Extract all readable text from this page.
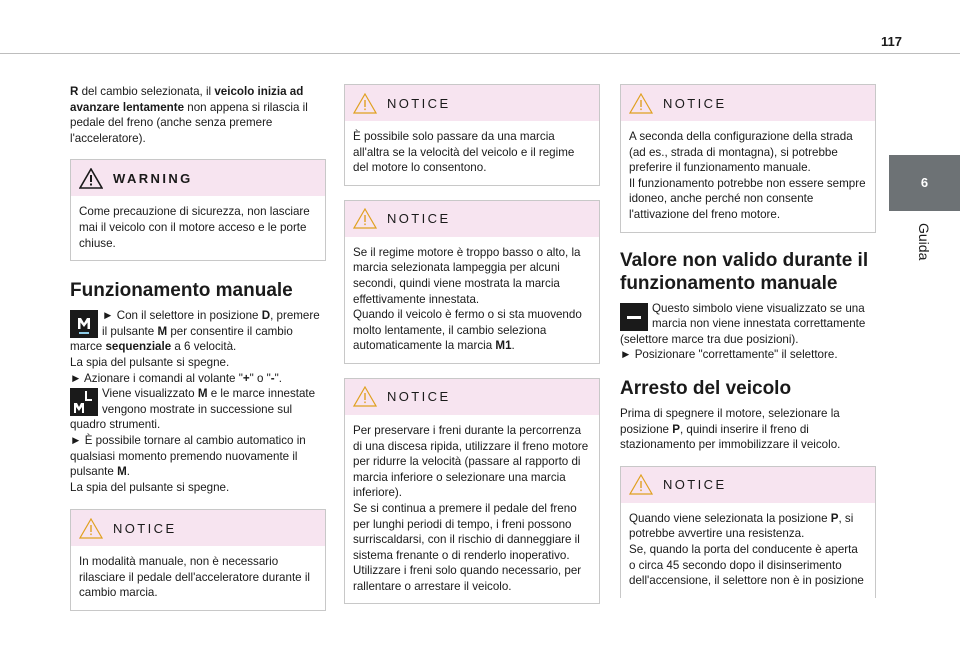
117
6
Guida

R del cambio selezionata, il veicolo inizia ad avanzare lentamente non appena si rilascia il pedale del freno (anche senza premere l'acceleratore).

WARNING

Come precauzione di sicurezza, non lasciare mai il veicolo con il motore acceso e le porte chiuse.

Funzionamento manuale

► Con il selettore in posizione D, premere il pulsante M per consentire il cambio marce sequenziale a 6 velocità.

La spia del pulsante si spegne.

► Azionare i comandi al volante "+" o "-".

Viene visualizzato M e le marce innestate vengono mostrate in successione sul quadro strumenti.

► È possibile tornare al cambio automatico in qualsiasi momento premendo nuovamente il pulsante M.

La spia del pulsante si spegne.

NOTICE

In modalità manuale, non è necessario rilasciare il pedale dell'acceleratore durante il cambio marcia.

NOTICE

È possibile solo passare da una marcia all'altra se la velocità del veicolo e il regime del motore lo consentono.

NOTICE

Se il regime motore è troppo basso o alto, la marcia selezionata lampeggia per alcuni secondi, quindi viene mostrata la marcia effettivamente innestata.

Quando il veicolo è fermo o si sta muovendo molto lentamente, il cambio seleziona automaticamente la marcia M1.

NOTICE

Per preservare i freni durante la percorrenza di una discesa ripida, utilizzare il freno motore per ridurre la velocità (passare al rapporto di marcia inferiore o selezionare una marcia inferiore).

Se si continua a premere il pedale del freno per lunghi periodi di tempo, i freni possono surriscaldarsi, con il rischio di danneggiare il sistema frenante o di renderlo inoperativo.

Utilizzare i freni solo quando necessario, per rallentare o arrestare il veicolo.

NOTICE

A seconda della configurazione della strada (ad es., strada di montagna), si potrebbe preferire il funzionamento manuale.

Il funzionamento potrebbe non essere sempre idoneo, anche perché non consente l'attivazione del freno motore.

Valore non valido durante il funzionamento manuale

Questo simbolo viene visualizzato se una marcia non viene innestata correttamente (selettore marce tra due posizioni).

► Posizionare "correttamente" il selettore.

Arresto del veicolo

Prima di spegnere il motore, selezionare la posizione P, quindi inserire il freno di stazionamento per immobilizzare il veicolo.

NOTICE

Quando viene selezionata la posizione P, si potrebbe avvertire una resistenza.

Se, quando la porta del conducente è aperta o circa 45 secondo dopo il disinserimento dell'accensione, il selettore non è in posizione
